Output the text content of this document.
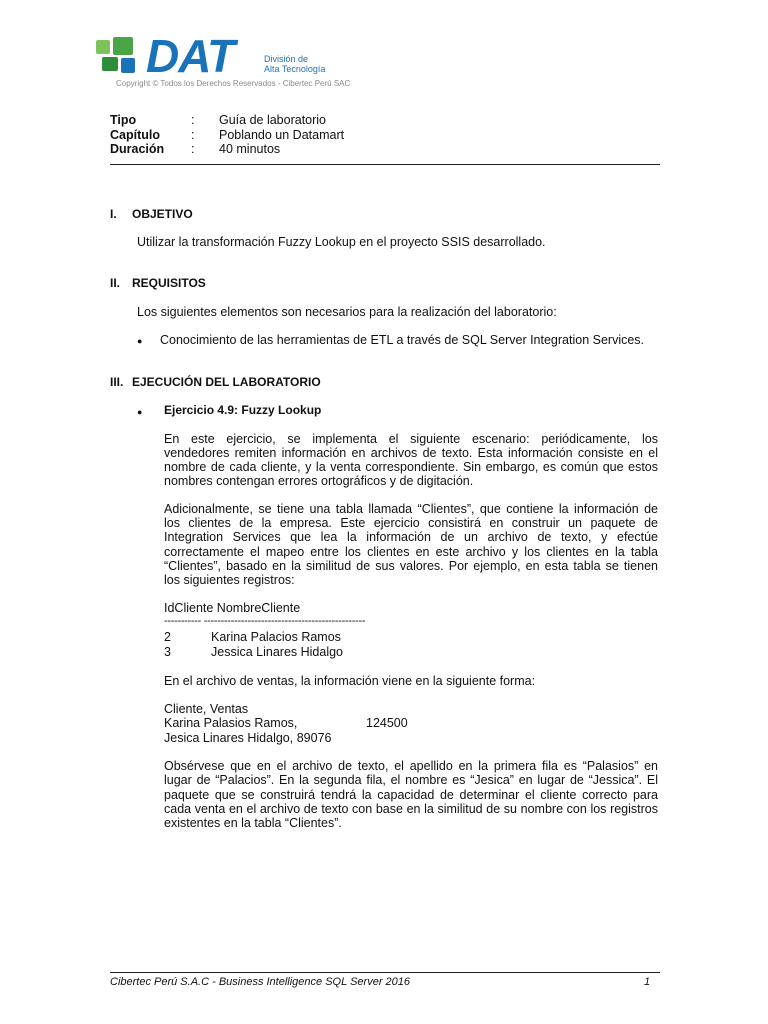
DAT	División de
Alta Tecnología
Copyright © Todos los Derechos Reservados - Cibertec Perú SAC
Tipo	: Guía de laboratorio
Capítulo : Poblando un Datamart
Duración : 40 minutos
I. OBJETIVO
Utilizar la transformación Fuzzy Lookup en el proyecto SSIS desarrollado.
II. REQUISITOS
Los siguientes elementos son necesarios para la realización del laboratorio:
● Conocimiento de las herramientas de ETL a través de SQL Server Integration Services.
III. EJECUCIÓN DEL LABORATORIO
● Ejercicio 4.9: Fuzzy Lookup
En este ejercicio, se implementa el siguiente escenario: periódicamente, los
vendedores remiten información en archivos de texto. Esta información consiste en el
nombre de cada cliente, y la venta correspondiente. Sin embargo, es común que estos
nombres contengan errores ortográficos y de digitación.
Adicionalmente, se tiene una tabla llamada “Clientes”, que contiene la información de
los clientes de la empresa. Este ejercicio consistirá en construir un paquete de
Integration Services que lea la información de un archivo de texto, y efectúe
correctamente el mapeo entre los clientes en este archivo y los clientes en la tabla
“Clientes”, basado en la similitud de sus valores. Por ejemplo, en esta tabla se tienen
los siguientes registros:
IdCliente NombreCliente
----------- ------------------------------------------------
2	Karina Palacios Ramos
3	Jessica Linares Hidalgo
En el archivo de ventas, la información viene en la siguiente forma:
Cliente, Ventas
Karina Palasios Ramos,	124500
Jesica Linares Hidalgo, 89076
Obsérvese que en el archivo de texto, el apellido en la primera fila es “Palasios” en
lugar de “Palacios”. En la segunda fila, el nombre es “Jesica” en lugar de “Jessica”. El
paquete que se construirá tendrá la capacidad de determinar el cliente correcto para
cada venta en el archivo de texto con base en la similitud de su nombre con los registros
existentes en la tabla “Clientes”.
Cibertec Perú S.A.C - Business Intelligence SQL Server 2016	1
